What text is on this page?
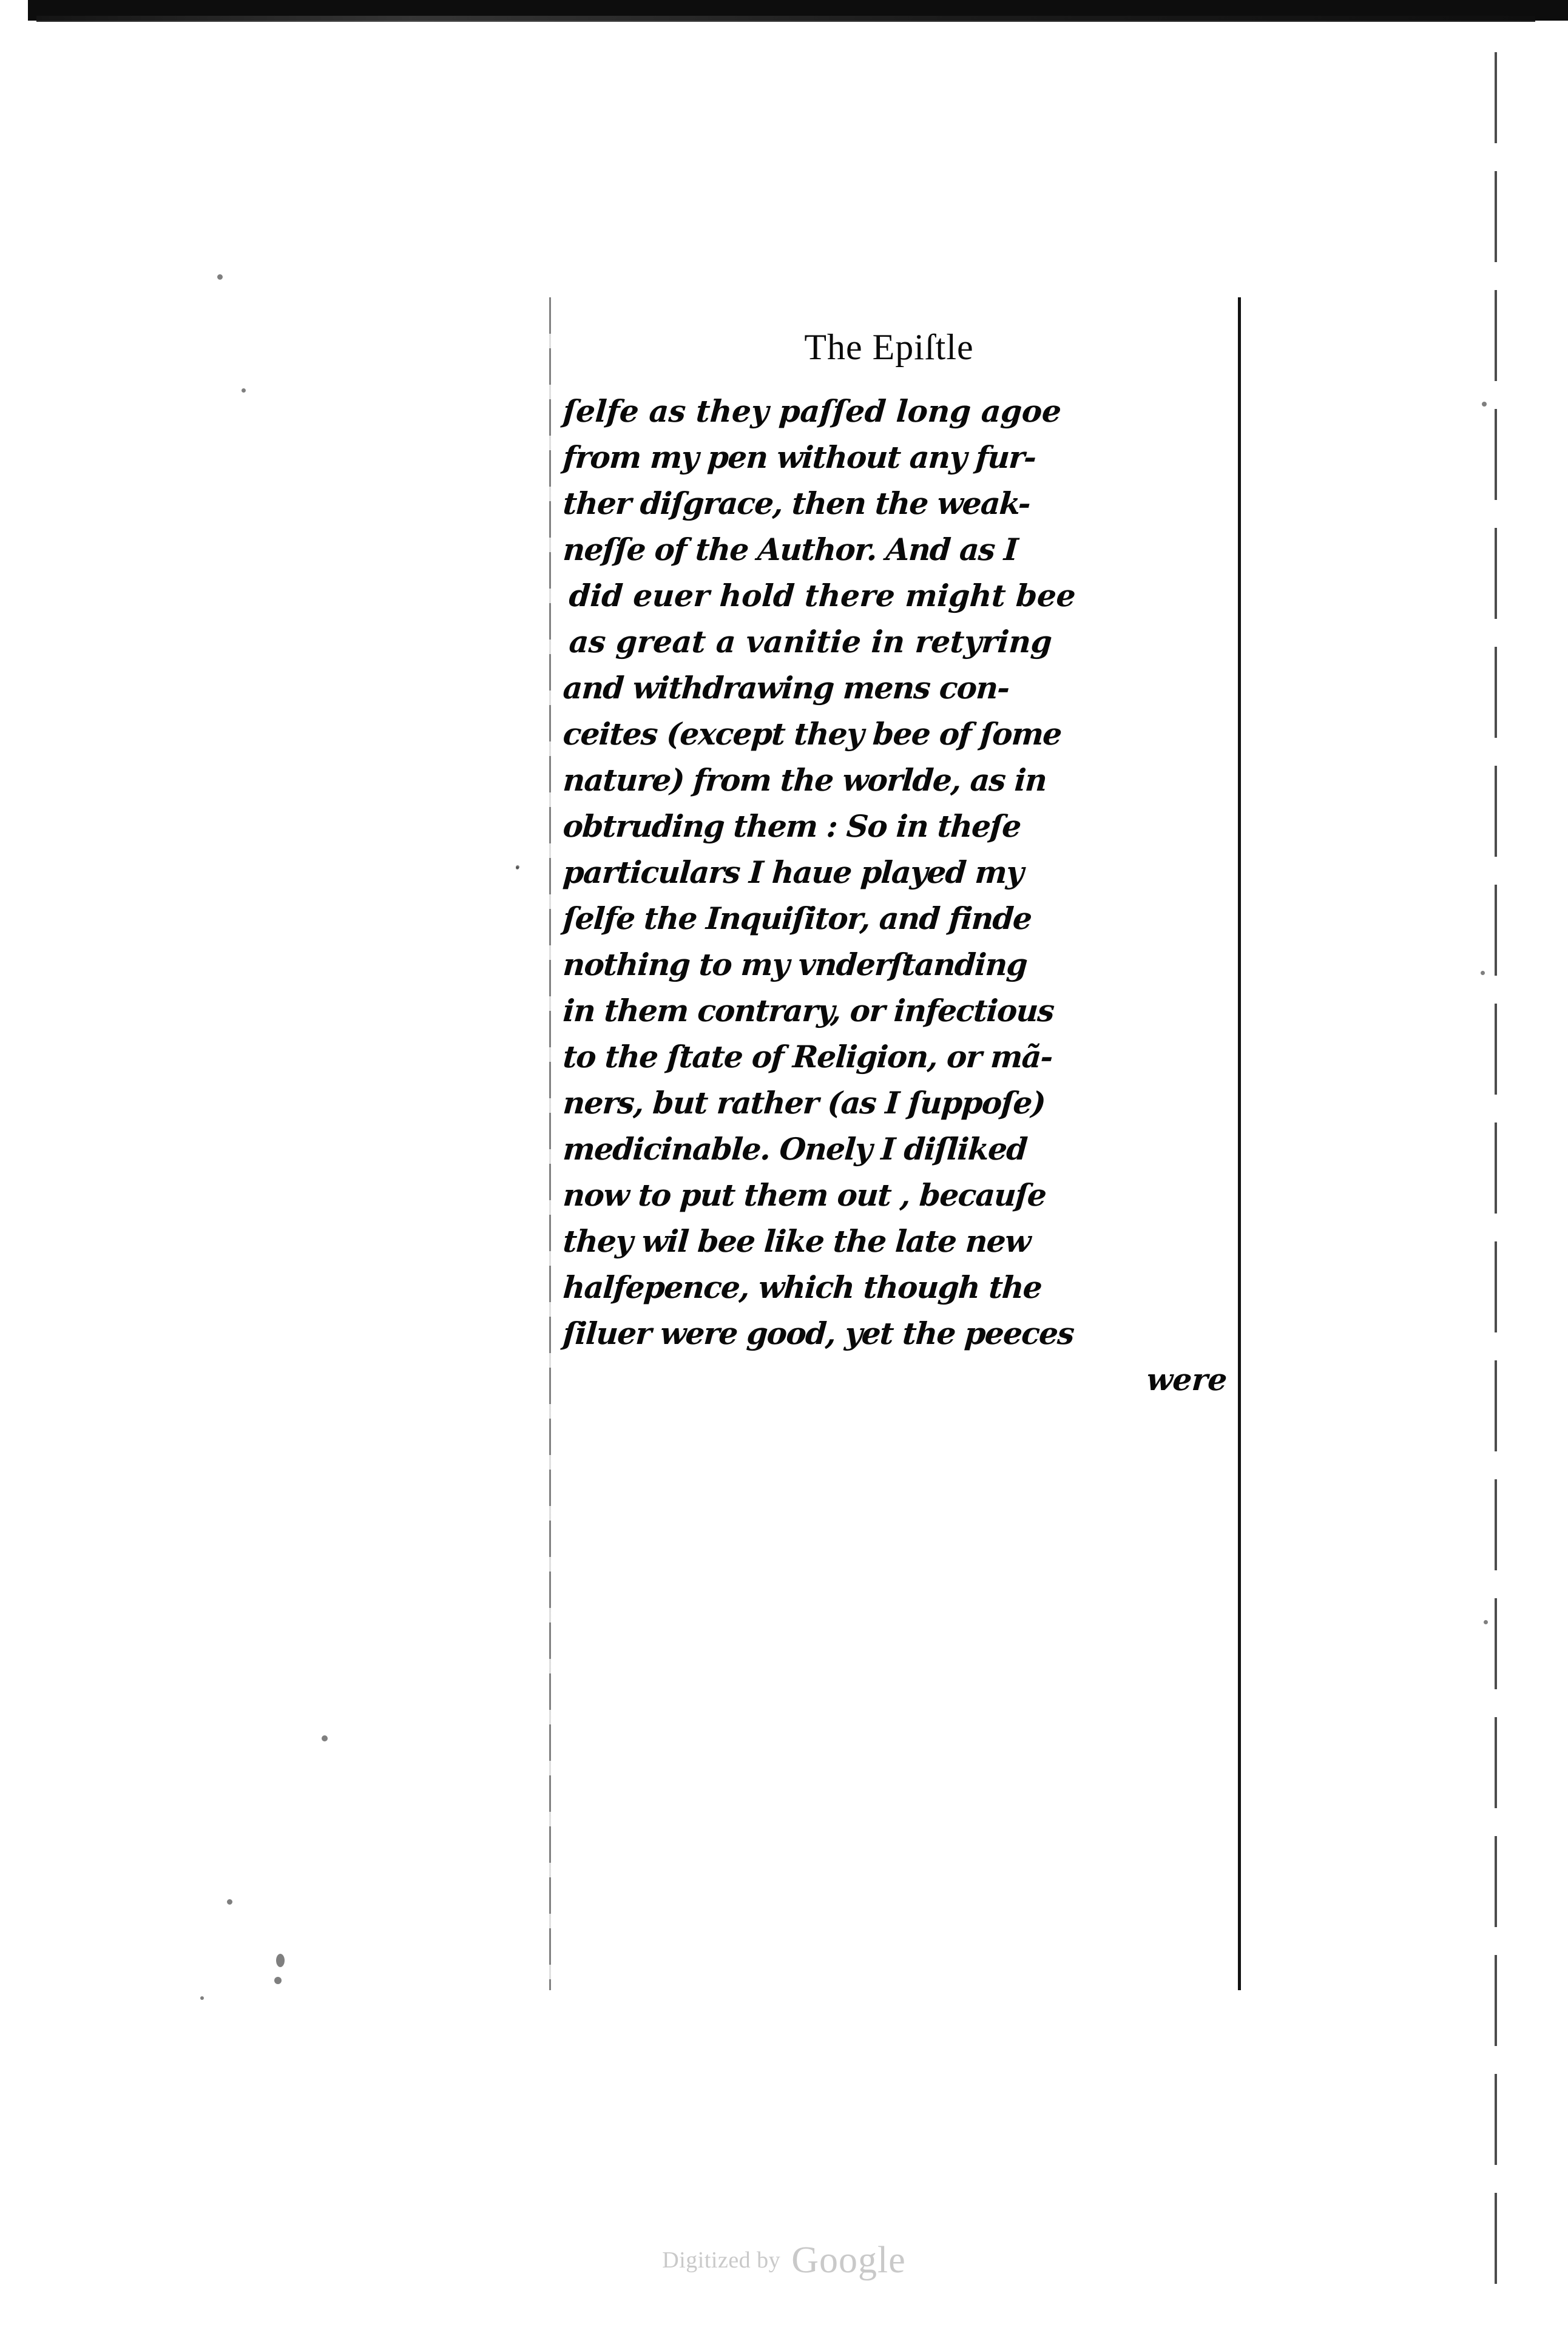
The Epiſtle
ſelfe as they paſſed long agoe
from my pen without any fur-
ther diſgrace, then the weak-
neſſe of the Author. And as I
did euer hold there might bee
as great a vanitie in retyring
and withdrawing mens con-
ceites (except they bee of ſome
nature) from the worlde, as in
obtruding them : So in theſe
particulars I haue played my
ſelfe the Inquiſitor, and finde
nothing to my vnderſtanding
in them contrary, or infectious
to the ſtate of Religion, or mã-
ners, but rather (as I ſuppoſe)
medicinable. Onely I diſliked
now to put them out , becauſe
they wil bee like the late new
halfepence, which though the
ſiluer were good, yet the peeces
were
Digitized by Google
